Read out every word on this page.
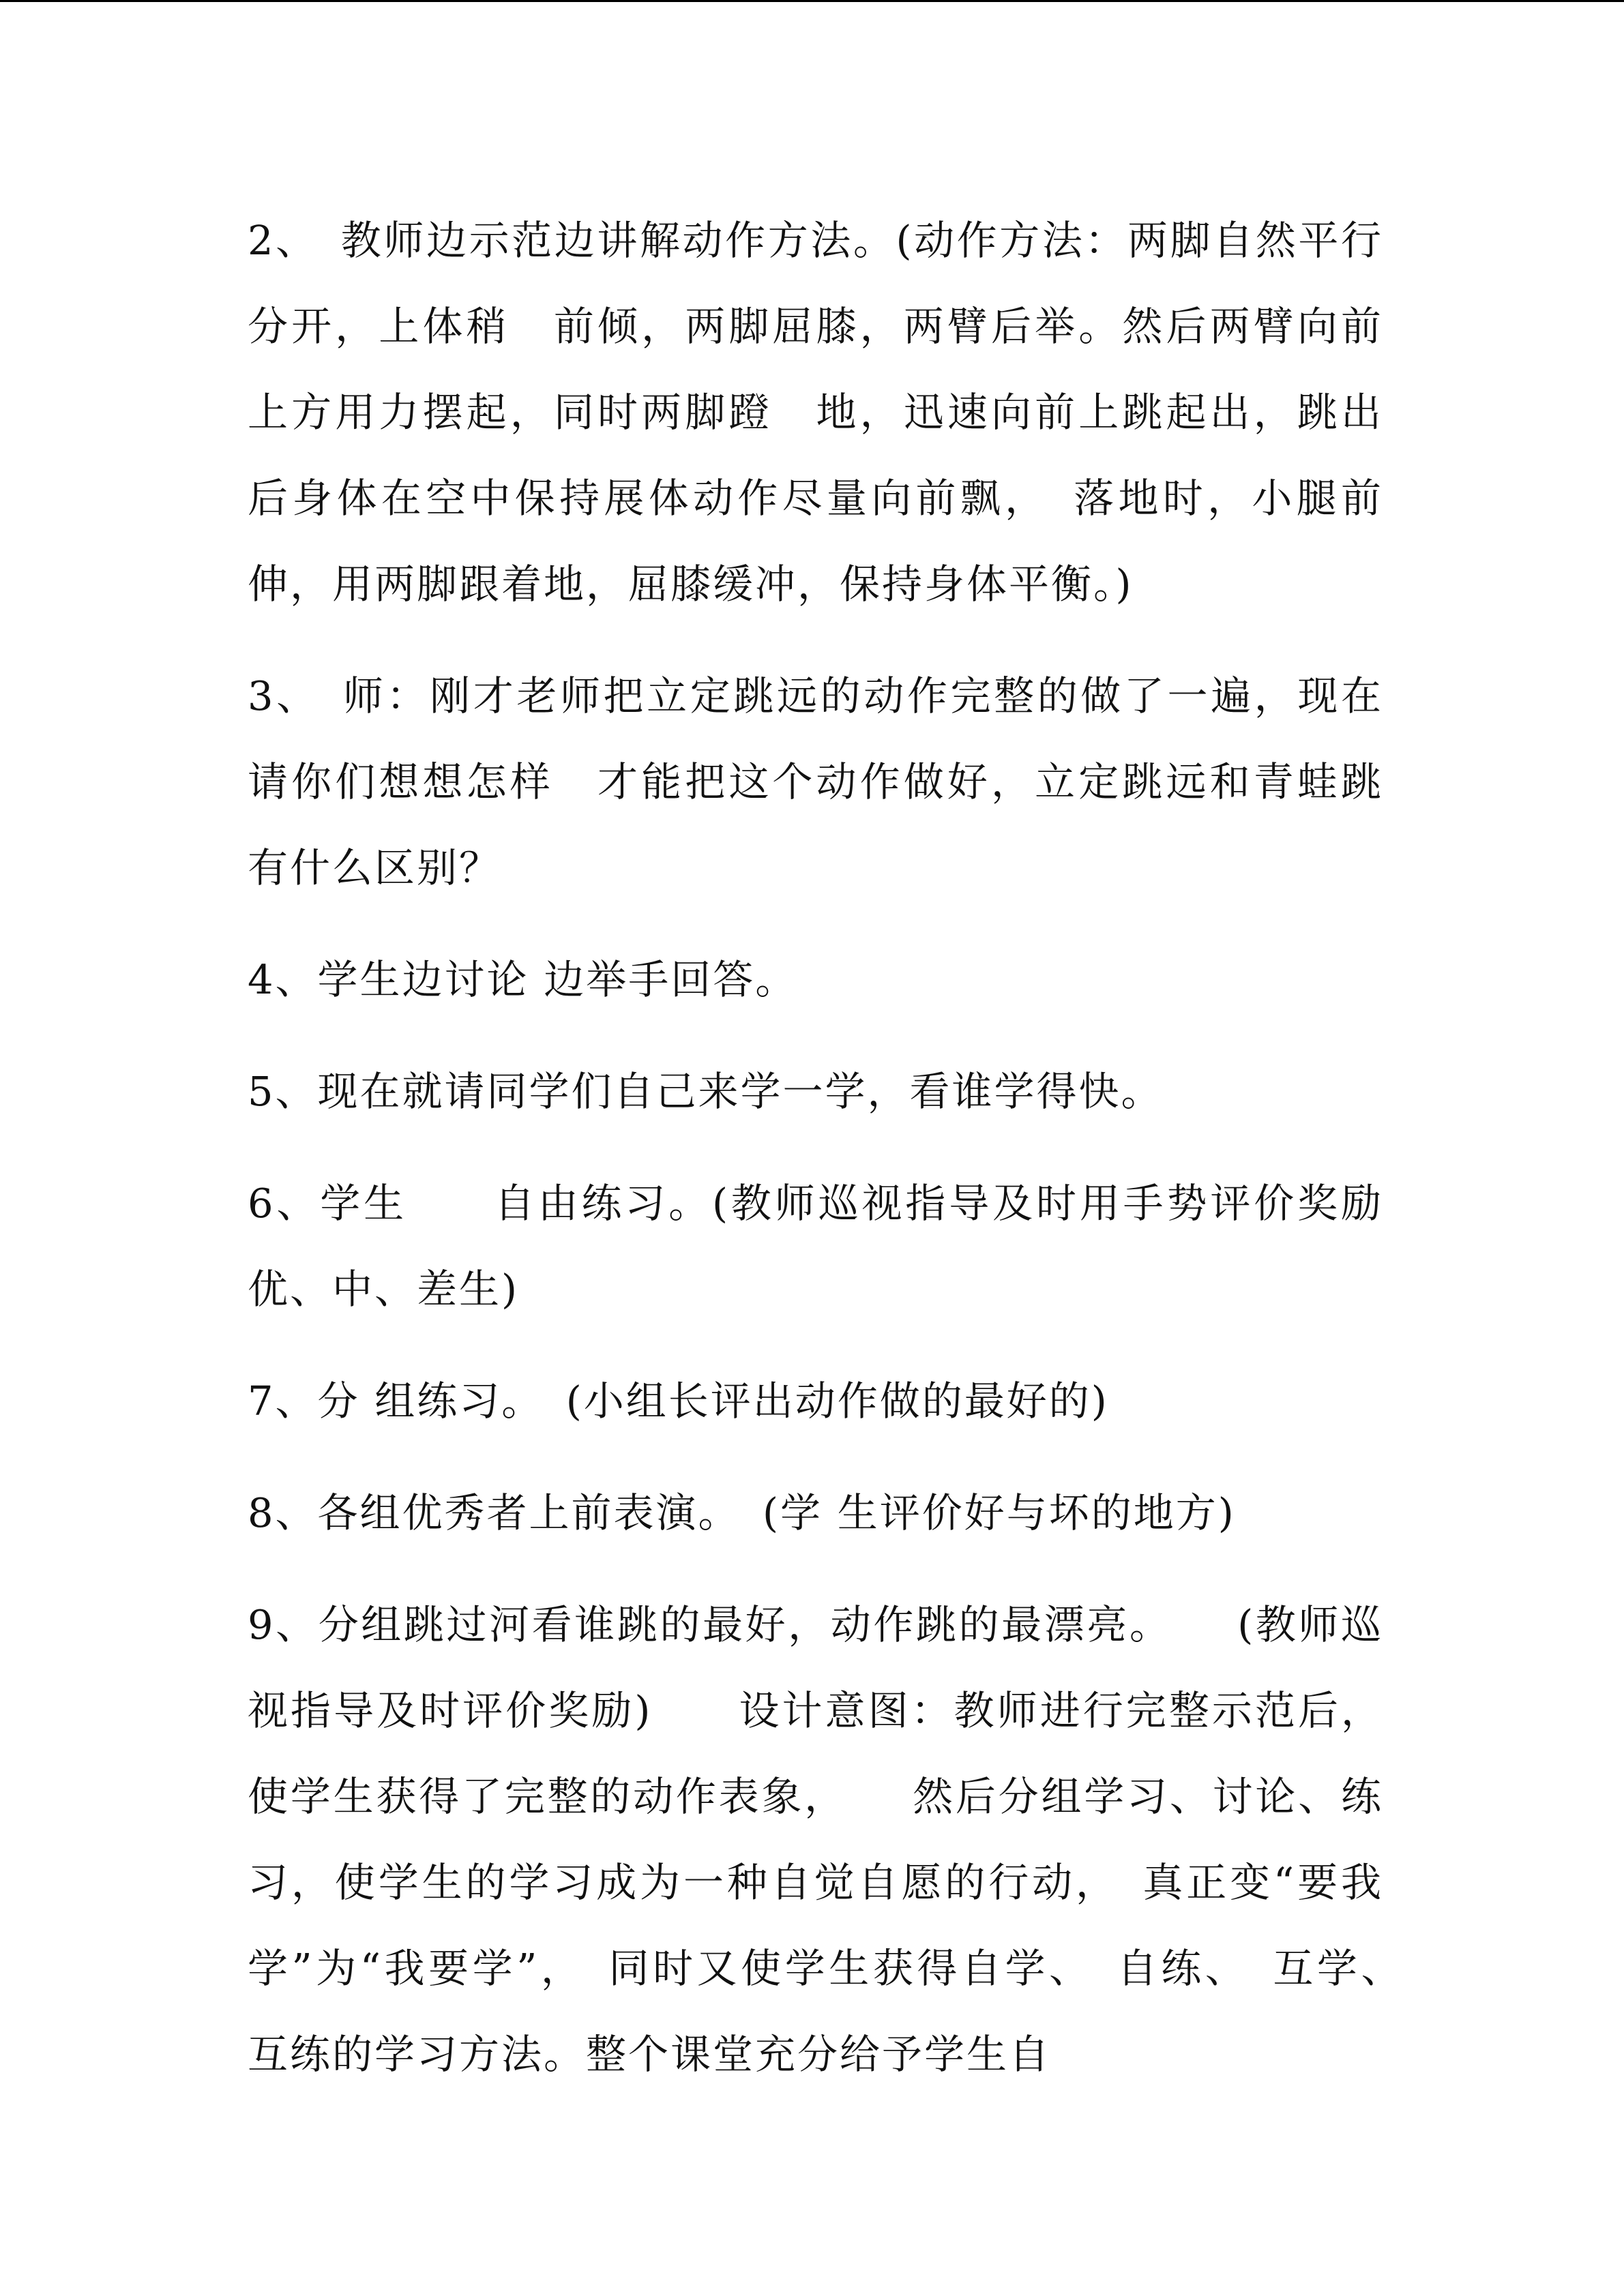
2、　教师边示范边讲解动作方法。(动作方法：两脚自然平行分开，上体稍　前倾，两脚屈膝，两臂后举。然后两臂向前上方用力摆起，同时两脚蹬　地，迅速向前上跳起出，跳出后身体在空中保持展体动作尽量向前飘，　落地时，小腿前伸，用两脚跟着地，屈膝缓冲，保持身体平衡。)

3、　师：刚才老师把立定跳远的动作完整的做了一遍，现在请你们想想怎样　才能把这个动作做好，立定跳远和青蛙跳有什么区别？

4、学生边讨论 边举手回答。

5、现在就请同学们自己来学一学，看谁学得快。

6、学生　　自由练习。(教师巡视指导及时用手势评价奖励优、中、差生)

7、分 组练习。　(小组长评出动作做的最好的)

8、各组优秀者上前表演。　(学 生评价好与坏的地方)

9、分组跳过河看谁跳的最好，动作跳的最漂亮。　　(教师巡视指导及时评价奖励)　　设计意图：教师进行完整示范后，使学生获得了完整的动作表象，　　然后分组学习、讨论、练习，使学生的学习成为一种自觉自愿的行动，　真正变“要我学”为“我要学”，　同时又使学生获得自学、　自练、　互学、　互练的学习方法。整个课堂充分给予学生自
